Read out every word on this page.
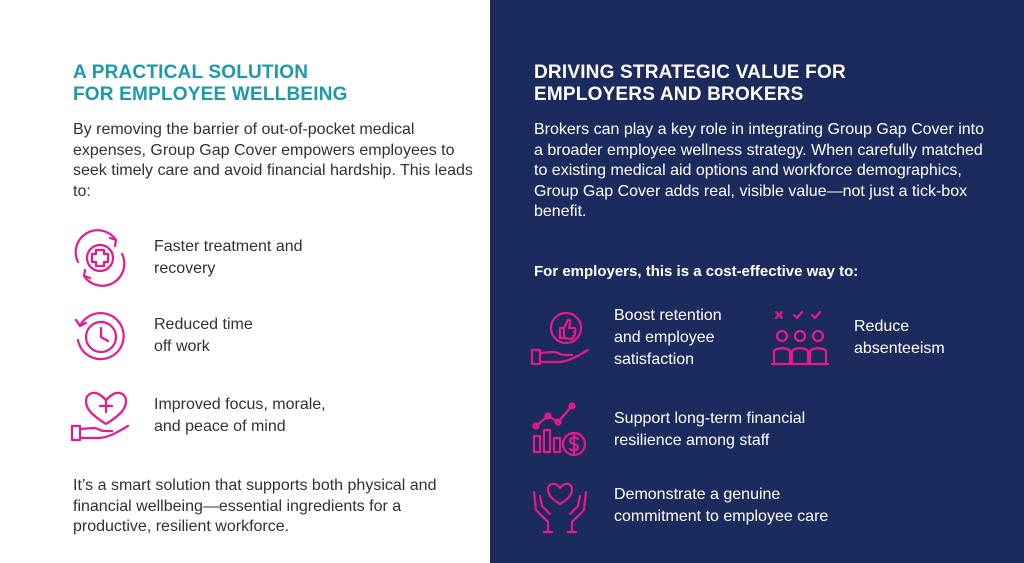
A PRACTICAL SOLUTION
FOR EMPLOYEE WELLBEING

By removing the barrier of out-of-pocket medical expenses, Group Gap Cover empowers employees to seek timely care and avoid financial hardship. This leads to:

Faster treatment and
recovery
Reduced time
off work
Improved focus, morale,
and peace of mind

It’s a smart solution that supports both physical and financial wellbeing—essential ingredients for a productive, resilient workforce.

DRIVING STRATEGIC VALUE FOR
EMPLOYERS AND BROKERS

Brokers can play a key role in integrating Group Gap Cover into a broader employee wellness strategy. When carefully matched to existing medical aid options and workforce demographics, Group Gap Cover adds real, visible value—not just a tick-box benefit.

For employers, this is a cost-effective way to:

Boost retention
and employee
satisfaction
Reduce
absenteeism
Support long-term financial
resilience among staff
Demonstrate a genuine
commitment to employee care
